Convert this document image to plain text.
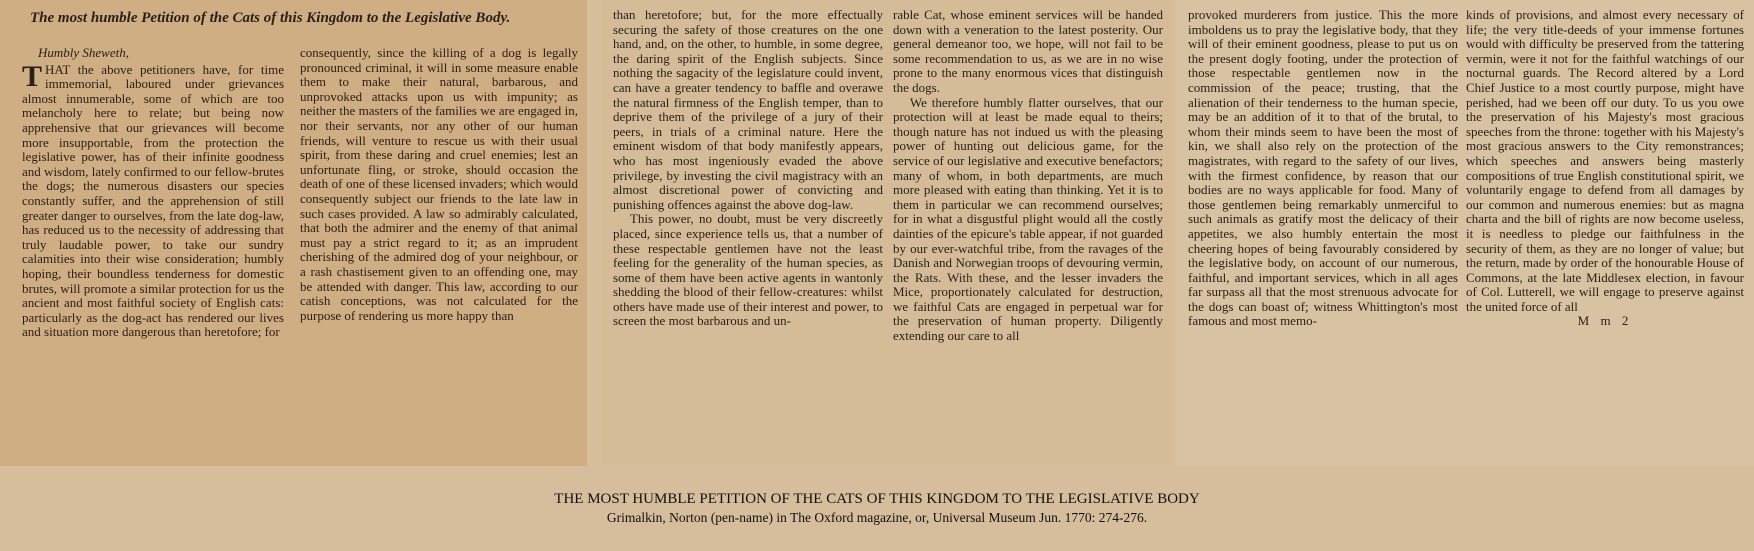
The most humble Petition of the Cats of this Kingdom to the Legislative Body.
Humbly Sheweth,
T HAT the above petitioners have, for time immemorial, laboured under grievances almost innumerable, some of which are too melancholy here to relate; but being now apprehensive that our grievances will become more insupportable, from the protection the legislative power, has of their infinite goodness and wisdom, lately confirmed to our fellow-brutes the dogs; the numerous disasters our species constantly suffer, and the apprehension of still greater danger to ourselves, from the late dog-law, has reduced us to the necessity of addressing that truly laudable power, to take our sundry calamities into their wise consideration; humbly hoping, their boundless tenderness for domestic brutes, will promote a similar protection for us the ancient and most faithful society of English cats: particularly as the dog-act has rendered our lives and situation more dangerous than heretofore; for
consequently, since the killing of a dog is legally pronounced criminal, it will in some measure enable them to make their natural, barbarous, and unprovoked attacks upon us with impunity; as neither the masters of the families we are engaged in, nor their servants, nor any other of our human friends, will venture to rescue us with their usual spirit, from these daring and cruel enemies; lest an unfortunate fling, or stroke, should occasion the death of one of these licensed invaders; which would consequently subject our friends to the late law in such cases provided. A law so admirably calculated, that both the admirer and the enemy of that animal must pay a strict regard to it; as an imprudent cherishing of the admired dog of your neighbour, or a rash chastisement given to an offending one, may be attended with danger. This law, according to our catish conceptions, was not calculated for the purpose of rendering us more happy than
than heretofore; but, for the more effectually securing the safety of those creatures on the one hand, and, on the other, to humble, in some degree, the daring spirit of the English subjects. Since nothing the sagacity of the legislature could invent, can have a greater tendency to baffle and overawe the natural firmness of the English temper, than to deprive them of the privilege of a jury of their peers, in trials of a criminal nature. Here the eminent wisdom of that body manifestly appears, who has most ingeniously evaded the above privilege, by investing the civil magistracy with an almost discretional power of convicting and punishing offences against the above dog-law.
This power, no doubt, must be very discreetly placed, since experience tells us, that a number of these respectable gentlemen have not the least feeling for the generality of the human species, as some of them have been active agents in wantonly shedding the blood of their fellow-creatures: whilst others have made use of their interest and power, to screen the most barbarous and un-
rable Cat, whose eminent services will be handed down with a veneration to the latest posterity. Our general demeanor too, we hope, will not fail to be some recommendation to us, as we are in no wise prone to the many enormous vices that distinguish the dogs.
We therefore humbly flatter ourselves, that our protection will at least be made equal to theirs; though nature has not indued us with the pleasing power of hunting out delicious game, for the service of our legislative and executive benefactors; many of whom, in both departments, are much more pleased with eating than thinking. Yet it is to them in particular we can recommend ourselves; for in what a disgustful plight would all the costly dainties of the epicure's table appear, if not guarded by our ever-watchful tribe, from the ravages of the Danish and Norwegian troops of devouring vermin, the Rats. With these, and the lesser invaders the Mice, proportionately calculated for destruction, we faithful Cats are engaged in perpetual war for the preservation of human property. Diligently extending our care to all
provoked murderers from justice. This the more imboldens us to pray the legislative body, that they will of their eminent goodness, please to put us on the present dogly footing, under the protection of those respectable gentlemen now in the commission of the peace; trusting, that the alienation of their tenderness to the human specie, may be an addition of it to that of the brutal, to whom their minds seem to have been the most of kin, we shall also rely on the protection of the magistrates, with regard to the safety of our lives, with the firmest confidence, by reason that our bodies are no ways applicable for food. Many of those gentlemen being remarkably unmerciful to such animals as gratify most the delicacy of their appetites, we also humbly entertain the most cheering hopes of being favourably considered by the legislative body, on account of our numerous, faithful, and important services, which in all ages far surpass all that the most strenuous advocate for the dogs can boast of; witness Whittington's most famous and most memo-
kinds of provisions, and almost every necessary of life; the very title-deeds of your immense fortunes would with difficulty be preserved from the tattering vermin, were it not for the faithful watchings of our nocturnal guards. The Record altered by a Lord Chief Justice to a most courtly purpose, might have perished, had we been off our duty. To us you owe the preservation of his Majesty's most gracious speeches from the throne: together with his Majesty's most gracious answers to the City remonstrances; which speeches and answers being masterly compositions of true English constitutional spirit, we voluntarily engage to defend from all damages by our common and numerous enemies: but as magna charta and the bill of rights are now become useless, it is needless to pledge our faithfulness in the security of them, as they are no longer of value; but the return, made by order of the honourable House of Commons, at the late Middlesex election, in favour of Col. Lutterell, we will engage to preserve against the united force of all
M m 2
THE MOST HUMBLE PETITION OF THE CATS OF THIS KINGDOM TO THE LEGISLATIVE BODY
Grimalkin, Norton (pen-name) in The Oxford magazine, or, Universal Museum Jun. 1770: 274-276.
